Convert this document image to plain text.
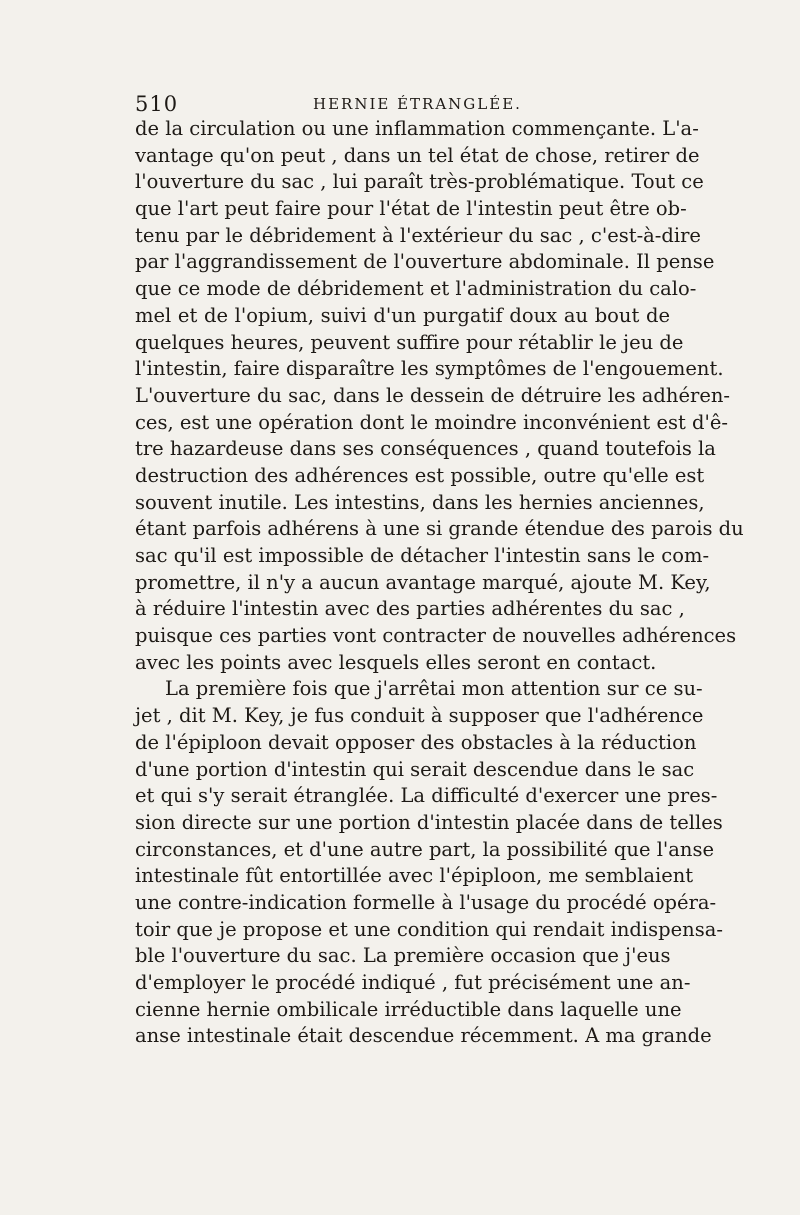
510	HERNIE ÉTRANGLÉE.
de la circulation ou une inflammation commençante. L'a-
vantage qu'on peut , dans un tel état de chose, retirer de
l'ouverture du sac , lui paraît très-problématique. Tout ce
que l'art peut faire pour l'état de l'intestin peut être ob-
tenu par le débridement à l'extérieur du sac , c'est-à-dire
par l'aggrandissement de l'ouverture abdominale. Il pense
que ce mode de débridement et l'administration du calo-
mel et de l'opium, suivi d'un purgatif doux au bout de
quelques heures, peuvent suffire pour rétablir le jeu de
l'intestin, faire disparaître les symptômes de l'engouement.
L'ouverture du sac, dans le dessein de détruire les adhéren-
ces, est une opération dont le moindre inconvénient est d'ê-
tre hazardeuse dans ses conséquences , quand toutefois la
destruction des adhérences est possible, outre qu'elle est
souvent inutile. Les intestins, dans les hernies anciennes,
étant parfois adhérens à une si grande étendue des parois du
sac qu'il est impossible de détacher l'intestin sans le com-
promettre, il n'y a aucun avantage marqué, ajoute M. Key,
à réduire l'intestin avec des parties adhérentes du sac ,
puisque ces parties vont contracter de nouvelles adhérences
avec les points avec lesquels elles seront en contact.
La première fois que j'arrêtai mon attention sur ce su-
jet , dit M. Key, je fus conduit à supposer que l'adhérence
de l'épiploon devait opposer des obstacles à la réduction
d'une portion d'intestin qui serait descendue dans le sac
et qui s'y serait étranglée. La difficulté d'exercer une pres-
sion directe sur une portion d'intestin placée dans de telles
circonstances, et d'une autre part, la possibilité que l'anse
intestinale fût entortillée avec l'épiploon, me semblaient
une contre-indication formelle à l'usage du procédé opéra-
toir que je propose et une condition qui rendait indispensa-
ble l'ouverture du sac. La première occasion que j'eus
d'employer le procédé indiqué , fut précisément une an-
cienne hernie ombilicale irréductible dans laquelle une
anse intestinale était descendue récemment. A ma grande
